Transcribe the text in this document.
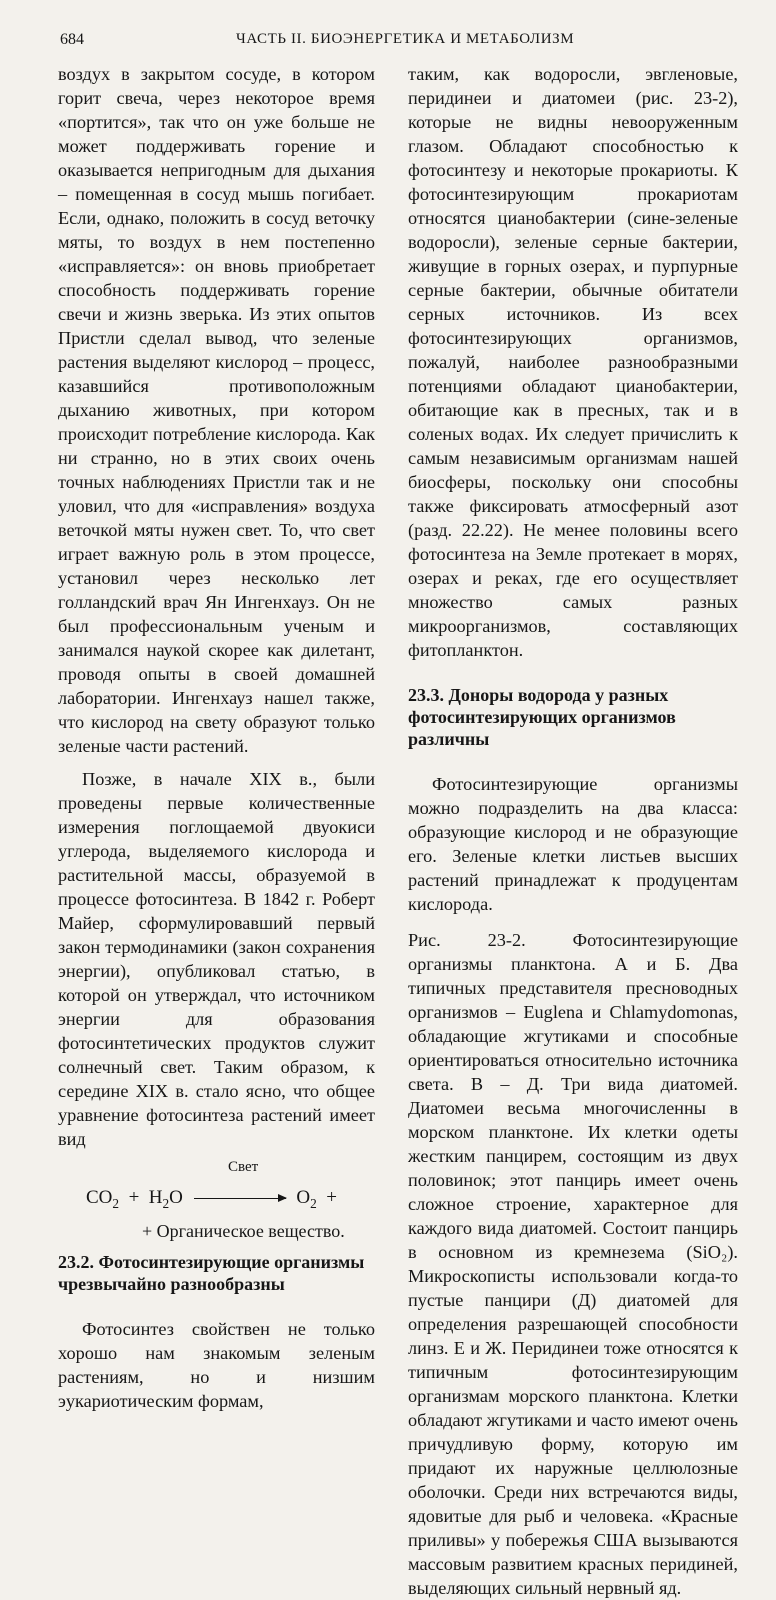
684	ЧАСТЬ II. БИОЭНЕРГЕТИКА И МЕТАБОЛИЗМ

воздух в закрытом сосуде, в котором горит свеча, через некоторое время «портится», так что он уже больше не может поддерживать горение и оказывается непригодным для дыхания – помещенная в сосуд мышь погибает. Если, однако, положить в сосуд веточку мяты, то воздух в нем постепенно «исправляется»: он вновь приобретает способность поддерживать горение свечи и жизнь зверька. Из этих опытов Пристли сделал вывод, что зеленые растения выделяют кислород – процесс, казавшийся противоположным дыханию животных, при котором происходит потребление кислорода. Как ни странно, но в этих своих очень точных наблюдениях Пристли так и не уловил, что для «исправления» воздуха веточкой мяты нужен свет. То, что свет играет важную роль в этом процессе, установил через несколько лет голландский врач Ян Ингенхауз. Он не был профессиональным ученым и занимался наукой скорее как дилетант, проводя опыты в своей домашней лаборатории. Ингенхауз нашел также, что кислород на свету образуют только зеленые части растений.

Позже, в начале XIX в., были проведены первые количественные измерения поглощаемой двуокиси углерода, выделяемого кислорода и растительной массы, образуемой в процессе фотосинтеза. В 1842 г. Роберт Майер, сформулировавший первый закон термодинамики (закон сохранения энергии), опубликовал статью, в которой он утверждал, что источником энергии для образования фотосинтетических продуктов служит солнечный свет. Таким образом, к середине XIX в. стало ясно, что общее уравнение фотосинтеза растений имеет вид

Свет
$CO_2 + H_2O$	$O_2$ +
+ Органическое вещество.
23.2. Фотосинтезирующие организмы чрезвычайно разнообразны

Фотосинтез свойствен не только хорошо нам знакомым зеленым растениям, но и низшим эукариотическим формам,

таким, как водоросли, эвгленовые, перидинеи и диатомеи (рис. 23-2), которые не видны невооруженным глазом. Обладают способностью к фотосинтезу и некоторые прокариоты. К фотосинтезирующим прокариотам относятся цианобактерии (сине-зеленые водоросли), зеленые серные бактерии, живущие в горных озерах, и пурпурные серные бактерии, обычные обитатели серных источников. Из всех фотосинтезирующих организмов, пожалуй, наиболее разнообразными потенциями обладают цианобактерии, обитающие как в пресных, так и в соленых водах. Их следует причислить к самым независимым организмам нашей биосферы, поскольку они способны также фиксировать атмосферный азот (разд. 22.22). Не менее половины всего фотосинтеза на Земле протекает в морях, озерах и реках, где его осуществляет множество самых разных микроорганизмов, составляющих фитопланктон.

23.3. Доноры водорода у разных фотосинтезирующих организмов различны

Фотосинтезирующие организмы можно подразделить на два класса: образующие кислород и не образующие его. Зеленые клетки листьев высших растений принадлежат к продуцентам кислорода.

Рис. 23-2. Фотосинтезирующие организмы планктона. А и Б. Два типичных представителя пресноводных организмов – Euglena и Chlamydomonas, обладающие жгутиками и способные ориентироваться относительно источника света. В – Д. Три вида диатомей. Диатомеи весьма многочисленны в морском планктоне. Их клетки одеты жестким панцирем, состоящим из двух половинок; этот панцирь имеет очень сложное строение, характерное для каждого вида диатомей. Состоит панцирь в основном из кремнезема (SiO₂). Микроскописты использовали когда-то пустые панцири (Д) диатомей для определения разрешающей способности линз. Е и Ж. Перидинеи тоже относятся к типичным фотосинтезирующим организмам морского планктона. Клетки обладают жгутиками и часто имеют очень причудливую форму, которую им придают их наружные целлюлозные оболочки. Среди них встречаются виды, ядовитые для рыб и человека. «Красные приливы» у побережья США вызываются массовым развитием красных перидиней, выделяющих сильный нервный яд.
